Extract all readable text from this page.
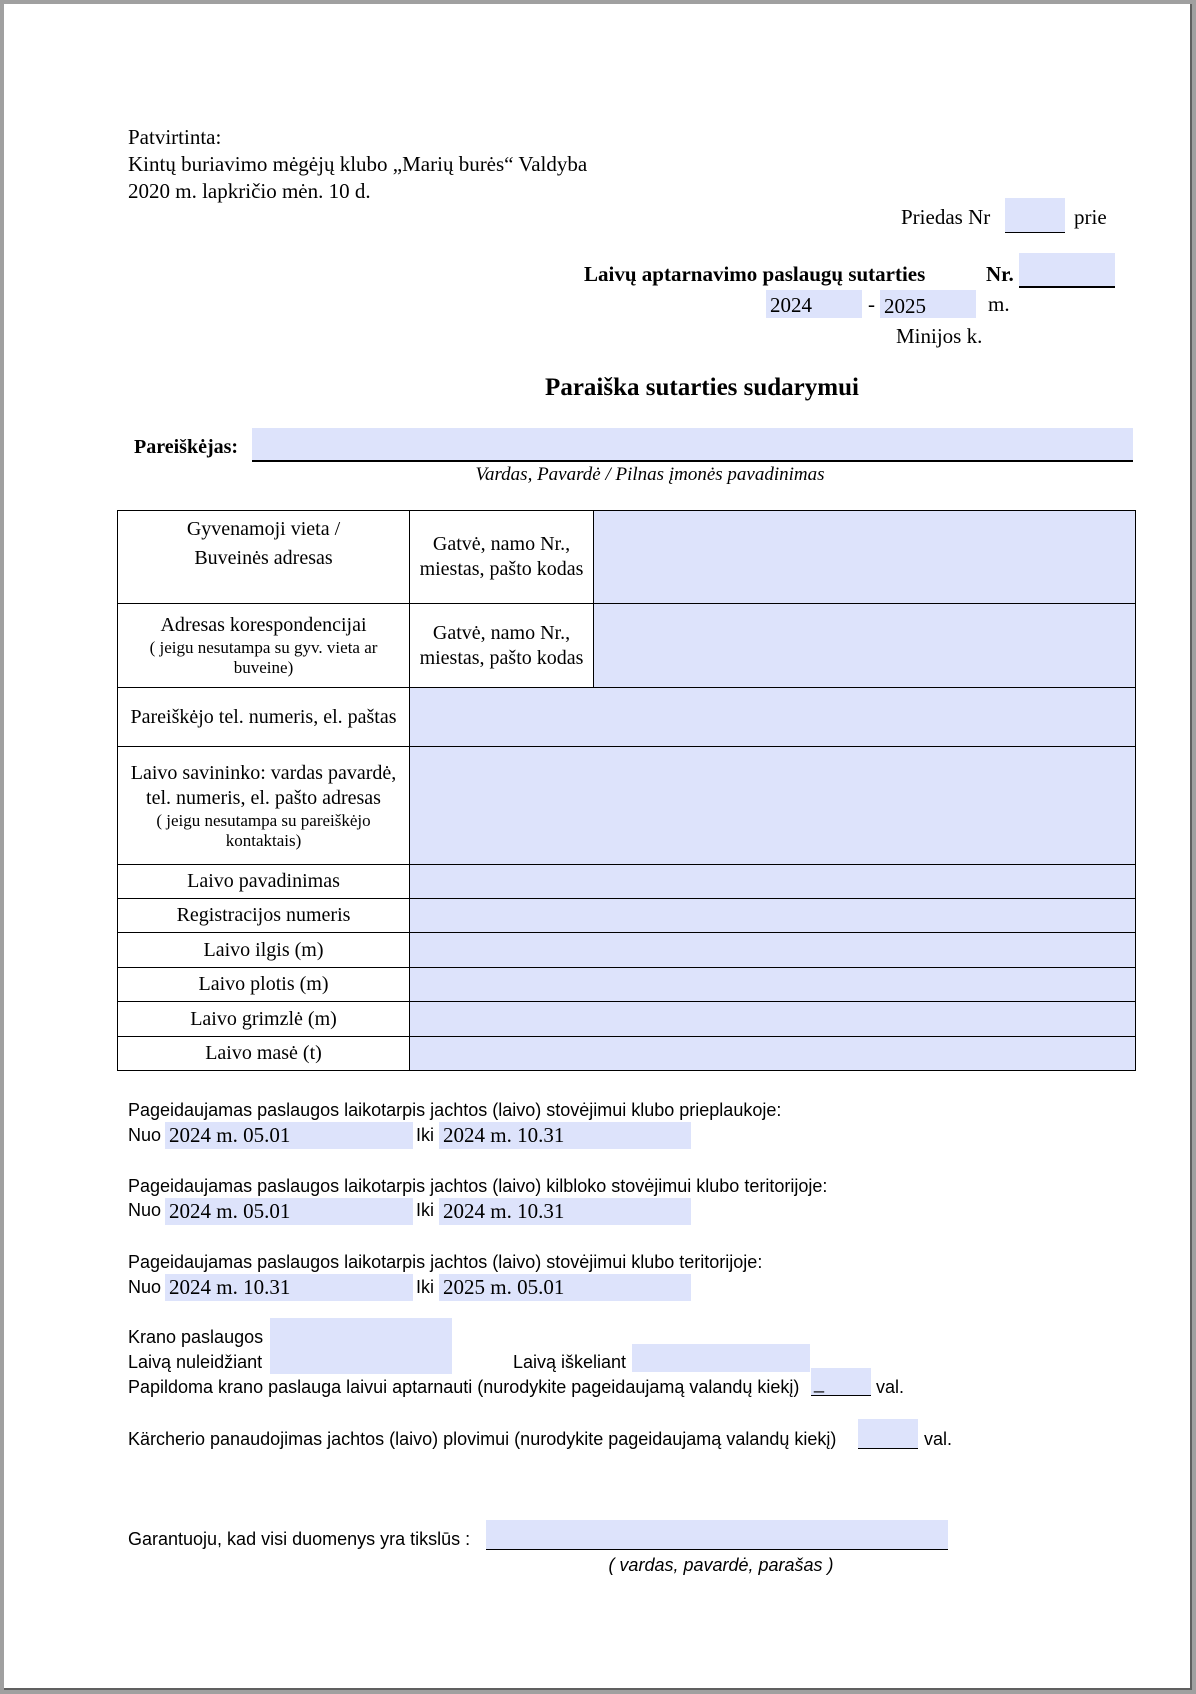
Patvirtinta:
Kintų buriavimo mėgėjų klubo „Marių burės“ Valdyba
2020 m. lapkričio mėn. 10 d.
Priedas Nr	prie
Laivų aptarnavimo paslaugų sutarties	Nr.
2024	- 2025	m.
Minijos k.
Paraiška sutarties sudarymui
Pareiškėjas:
Vardas, Pavardė / Pilnas įmonės pavadinimas
Gyvenamoji vieta /
Buveinės adresas	Gatvė, namo Nr., miestas, pašto kodas	

Adresas korespondencijai
( jeigu nesutampa su gyv. vieta ar buveine)	Gatvė, namo Nr., miestas, pašto kodas	
Pareiškėjo tel. numeris, el. paštas		

Laivo savininko: vardas pavardė, tel. numeris, el. pašto adresas
( jeigu nesutampa su pareiškėjo kontaktais)		

Laivo pavadinimas		
Registracijos numeris		
Laivo ilgis (m)		
Laivo plotis (m)		
Laivo grimzlė (m)		
Laivo masė (t)		
Pageidaujamas paslaugos laikotarpis jachtos (laivo) stovėjimui klubo prieplaukoje:
Nuo 2024 m. 05.01	Iki 2024 m. 10.31
Pageidaujamas paslaugos laikotarpis jachtos (laivo) kilbloko stovėjimui klubo teritorijoje:
Nuo 2024 m. 05.01	Iki 2024 m. 10.31
Pageidaujamas paslaugos laikotarpis jachtos (laivo) stovėjimui klubo teritorijoje:
Nuo 2024 m. 10.31	Iki 2025 m. 05.01
Krano paslaugos
Laivą nuleidžiant	Laivą iškeliant
Papildoma krano paslauga laivui aptarnauti (nurodykite pageidaujamą valandų kiekį) _	val.
Kärcherio panaudojimas jachtos (laivo) plovimui (nurodykite pageidaujamą valandų kiekį)	val.
Garantuoju, kad visi duomenys yra tikslūs :
( vardas, pavardė, parašas )
